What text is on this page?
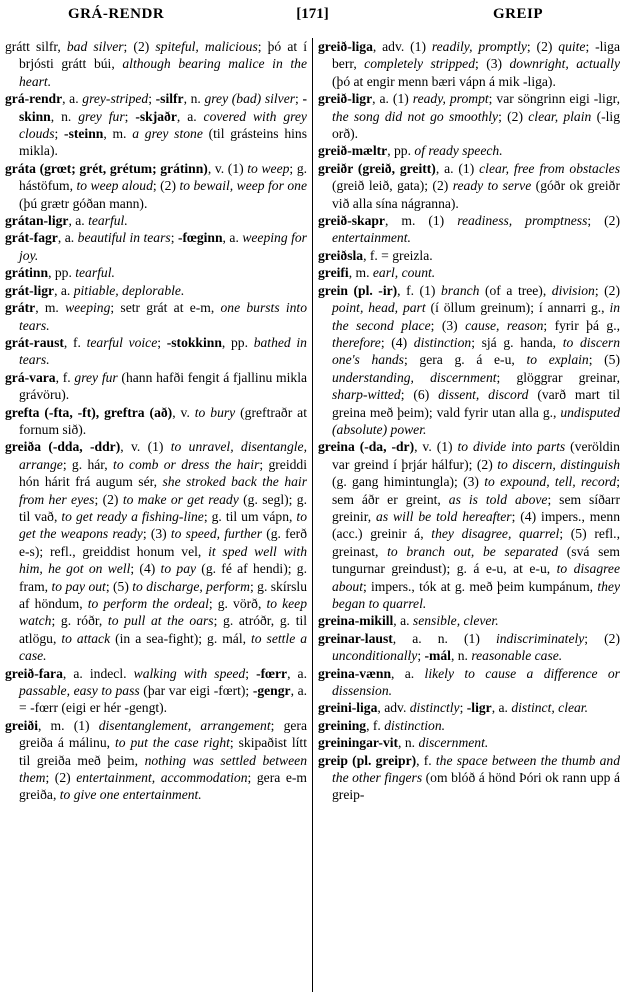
GRÁ-RENDR	[171]	GREIP

grátt silfr, bad silver; (2) spiteful, malicious; þó at í brjósti grátt búi, although bearing malice in the heart.

grá-rendr, a. grey-striped; -silfr, n. grey (bad) silver; -skinn, n. grey fur; -skjaðr, a. covered with grey clouds; -steinn, m. a grey stone (til grásteins hins mikla).

gráta (grœt; grét, grétum; grátinn), v. (1) to weep; g. hástöfum, to weep aloud; (2) to bewail, weep for one (þú grætr góðan mann).

grátan-ligr, a. tearful.

grát-fagr, a. beautiful in tears; -fœginn, a. weeping for joy.

grátinn, pp. tearful.

grát-ligr, a. pitiable, deplorable.

grátr, m. weeping; setr grát at e-m, one bursts into tears.

grát-raust, f. tearful voice; -stokkinn, pp. bathed in tears.

grá-vara, f. grey fur (hann hafði fengit á fjallinu mikla grávöru).

grefta (-fta, -ft), greftra (að), v. to bury (greftraðr at fornum sið).

greiða (-dda, -ddr), v. (1) to unravel, disentangle, arrange; g. hár, to comb or dress the hair; greiddi hón hárit frá augum sér, she stroked back the hair from her eyes; (2) to make or get ready (g. segl); g. til vað, to get ready a fishing-line; g. til um vápn, to get the weapons ready; (3) to speed, further (g. ferð e-s); refl., greiddist honum vel, it sped well with him, he got on well; (4) to pay (g. fé af hendi); g. fram, to pay out; (5) to discharge, perform; g. skírslu af höndum, to perform the ordeal; g. vörð, to keep watch; g. róðr, to pull at the oars; g. atróðr, g. til atlögu, to attack (in a sea-fight); g. mál, to settle a case.

greið-fara, a. indecl. walking with speed; -fœrr, a. passable, easy to pass (þar var eigi -fœrt); -gengr, a. = -fœrr (eigi er hér -gengt).

greiði, m. (1) disentanglement, arrangement; gera greiða á málinu, to put the case right; skipaðist lítt til greiða með þeim, nothing was settled between them; (2) entertainment, accommodation; gera e-m greiða, to give one entertainment.

greið-liga, adv. (1) readily, promptly; (2) quite; -liga berr, completely stripped; (3) downright, actually (þó at engir menn bæri vápn á mik -liga).

greið-ligr, a. (1) ready, prompt; var söngrinn eigi -ligr, the song did not go smoothly; (2) clear, plain (-lig orð).

greið-mæltr, pp. of ready speech.

greiðr (greið, greitt), a. (1) clear, free from obstacles (greið leið, gata); (2) ready to serve (góðr ok greiðr við alla sína nágranna).

greið-skapr, m. (1) readiness, promptness; (2) entertainment.

greiðsla, f. = greizla.

greifi, m. earl, count.

grein (pl. -ir), f. (1) branch (of a tree), division; (2) point, head, part (í öllum greinum); í annarri g., in the second place; (3) cause, reason; fyrir þá g., therefore; (4) distinction; sjá g. handa, to discern one's hands; gera g. á e-u, to explain; (5) understanding, discernment; glöggrar greinar, sharp-witted; (6) dissent, discord (varð mart til greina með þeim); vald fyrir utan alla g., undisputed (absolute) power.

greina (-da, -dr), v. (1) to divide into parts (veröldin var greind í þrjár hálfur); (2) to discern, distinguish (g. gang himintungla); (3) to expound, tell, record; sem áðr er greint, as is told above; sem síðarr greinir, as will be told hereafter; (4) impers., menn (acc.) greinir á, they disagree, quarrel; (5) refl., greinast, to branch out, be separated (svá sem tungurnar greindust); g. á e-u, at e-u, to disagree about; impers., tók at g. með þeim kumpánum, they began to quarrel.

greina-mikill, a. sensible, clever.

greinar-laust, a. n. (1) indiscriminately; (2) unconditionally; -mál, n. reasonable case.

greina-vænn, a. likely to cause a difference or dissension.

greini-liga, adv. distinctly; -ligr, a. distinct, clear.

greining, f. distinction.

greiningar-vit, n. discernment.

greip (pl. greipr), f. the space between the thumb and the other fingers (om blóð á hönd Þóri ok rann upp á greip-
